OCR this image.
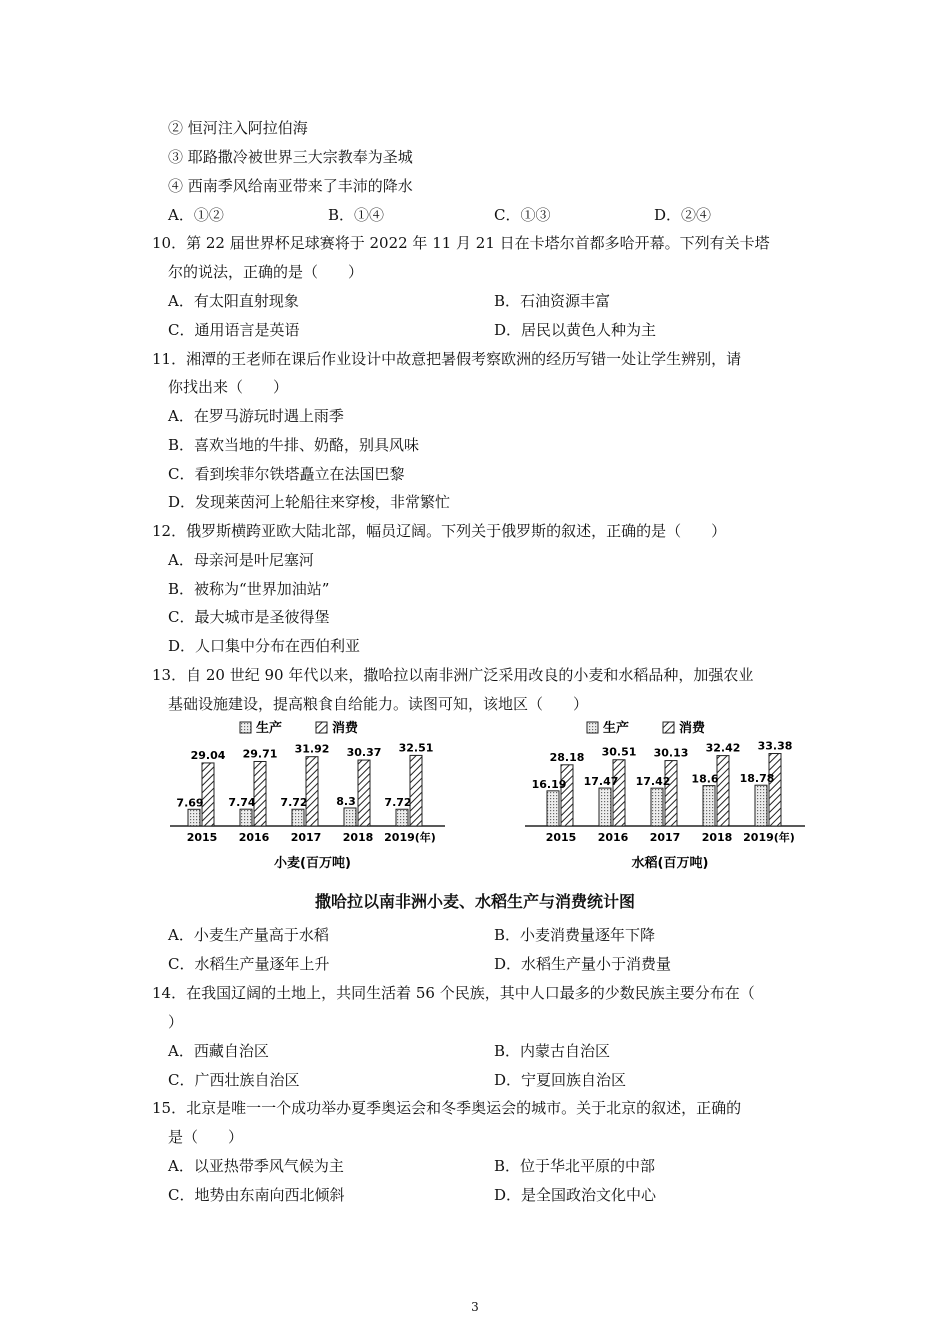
② 恒河注入阿拉伯海
③ 耶路撒冷被世界三大宗教奉为圣城
④ 西南季风给南亚带来了丰沛的降水
A．①②	B．①④	C．①③	D．②④
10．第 22 届世界杯足球赛将于 2022 年 11 月 21 日在卡塔尔首都多哈开幕。下列有关卡塔
尔的说法，正确的是（　　）
A．有太阳直射现象	B．石油资源丰富
C．通用语言是英语	D．居民以黄色人种为主
11．湘潭的王老师在课后作业设计中故意把暑假考察欧洲的经历写错一处让学生辨别，请
你找出来（　　）
A．在罗马游玩时遇上雨季
B．喜欢当地的牛排、奶酪，别具风味
C．看到埃菲尔铁塔矗立在法国巴黎
D．发现莱茵河上轮船往来穿梭，非常繁忙
12．俄罗斯横跨亚欧大陆北部，幅员辽阔。下列关于俄罗斯的叙述，正确的是（　　）
A．母亲河是叶尼塞河
B．被称为“世界加油站”
C．最大城市是圣彼得堡
D．人口集中分布在西伯利亚
13．自 20 世纪 90 年代以来，撒哈拉以南非洲广泛采用改良的小麦和水稻品种，加强农业
基础设施建设，提高粮食自给能力。读图可知，该地区（　　）
生产	消费
7.69
29.04
2015
7.74
29.71
2016
7.72
31.92
2017
8.3
30.37
2018
7.72
32.51
2019(年)
小麦(百万吨)
生产	消费
16.19
28.18
2015
17.47
30.51
2016
17.42
30.13
2017
18.6
32.42
2018
18.78
33.38
2019(年)
水稻(百万吨)
撒哈拉以南非洲小麦、水稻生产与消费统计图
A．小麦生产量高于水稻	B．小麦消费量逐年下降
C．水稻生产量逐年上升	D．水稻生产量小于消费量
14．在我国辽阔的土地上，共同生活着 56 个民族，其中人口最多的少数民族主要分布在（
）
A．西藏自治区	B．内蒙古自治区
C．广西壮族自治区	D．宁夏回族自治区
15．北京是唯一一个成功举办夏季奥运会和冬季奥运会的城市。关于北京的叙述，正确的
是（　　）
A．以亚热带季风气候为主	B．位于华北平原的中部
C．地势由东南向西北倾斜	D．是全国政治文化中心
3
